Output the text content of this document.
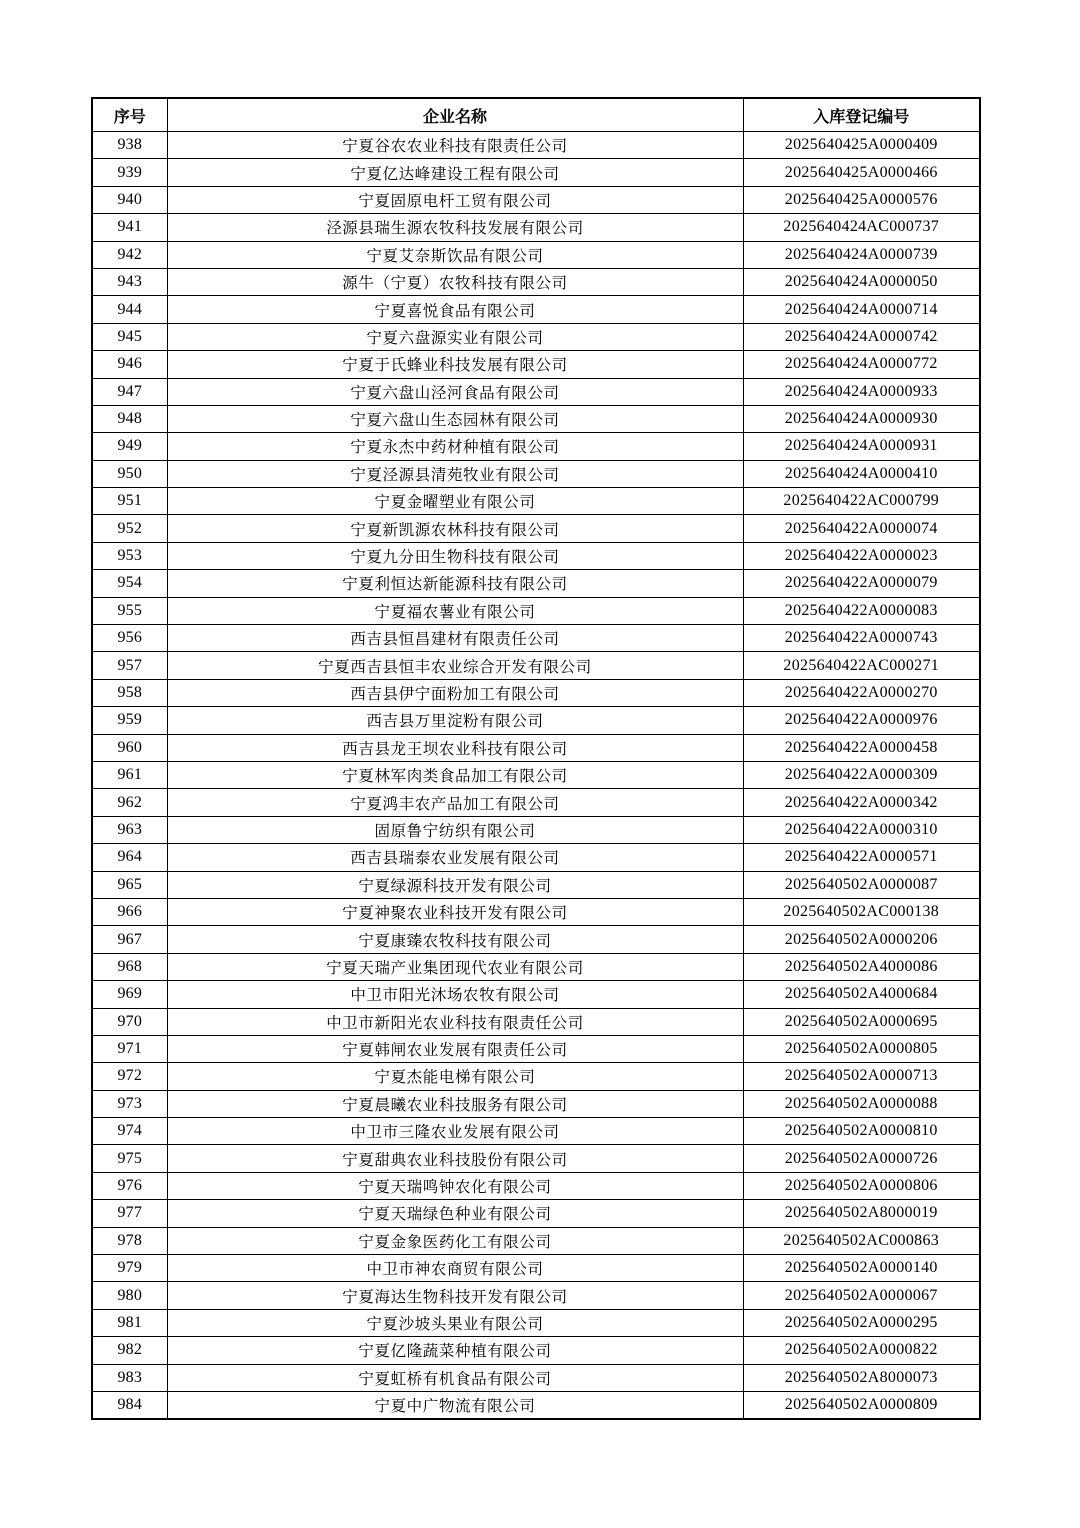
序号	企业名称	入库登记编号
938	宁夏谷农农业科技有限责任公司	2025640425A0000409
939	宁夏亿达峰建设工程有限公司	2025640425A0000466
940	宁夏固原电杆工贸有限公司	2025640425A0000576
941	泾源县瑞生源农牧科技发展有限公司	2025640424AC000737
942	宁夏艾奈斯饮品有限公司	2025640424A0000739
943	源牛（宁夏）农牧科技有限公司	2025640424A0000050
944	宁夏喜悦食品有限公司	2025640424A0000714
945	宁夏六盘源实业有限公司	2025640424A0000742
946	宁夏于氏蜂业科技发展有限公司	2025640424A0000772
947	宁夏六盘山泾河食品有限公司	2025640424A0000933
948	宁夏六盘山生态园林有限公司	2025640424A0000930
949	宁夏永杰中药材种植有限公司	2025640424A0000931
950	宁夏泾源县清苑牧业有限公司	2025640424A0000410
951	宁夏金曜塑业有限公司	2025640422AC000799
952	宁夏新凯源农林科技有限公司	2025640422A0000074
953	宁夏九分田生物科技有限公司	2025640422A0000023
954	宁夏利恒达新能源科技有限公司	2025640422A0000079
955	宁夏福农薯业有限公司	2025640422A0000083
956	西吉县恒昌建材有限责任公司	2025640422A0000743
957	宁夏西吉县恒丰农业综合开发有限公司	2025640422AC000271
958	西吉县伊宁面粉加工有限公司	2025640422A0000270
959	西吉县万里淀粉有限公司	2025640422A0000976
960	西吉县龙王坝农业科技有限公司	2025640422A0000458
961	宁夏林军肉类食品加工有限公司	2025640422A0000309
962	宁夏鸿丰农产品加工有限公司	2025640422A0000342
963	固原鲁宁纺织有限公司	2025640422A0000310
964	西吉县瑞泰农业发展有限公司	2025640422A0000571
965	宁夏绿源科技开发有限公司	2025640502A0000087
966	宁夏神聚农业科技开发有限公司	2025640502AC000138
967	宁夏康臻农牧科技有限公司	2025640502A0000206
968	宁夏天瑞产业集团现代农业有限公司	2025640502A4000086
969	中卫市阳光沐场农牧有限公司	2025640502A4000684
970	中卫市新阳光农业科技有限责任公司	2025640502A0000695
971	宁夏韩闸农业发展有限责任公司	2025640502A0000805
972	宁夏杰能电梯有限公司	2025640502A0000713
973	宁夏晨曦农业科技服务有限公司	2025640502A0000088
974	中卫市三隆农业发展有限公司	2025640502A0000810
975	宁夏甜典农业科技股份有限公司	2025640502A0000726
976	宁夏天瑞鸣钟农化有限公司	2025640502A0000806
977	宁夏天瑞绿色种业有限公司	2025640502A8000019
978	宁夏金象医药化工有限公司	2025640502AC000863
979	中卫市神农商贸有限公司	2025640502A0000140
980	宁夏海达生物科技开发有限公司	2025640502A0000067
981	宁夏沙坡头果业有限公司	2025640502A0000295
982	宁夏亿隆蔬菜种植有限公司	2025640502A0000822
983	宁夏虹桥有机食品有限公司	2025640502A8000073
984	宁夏中广物流有限公司	2025640502A0000809
